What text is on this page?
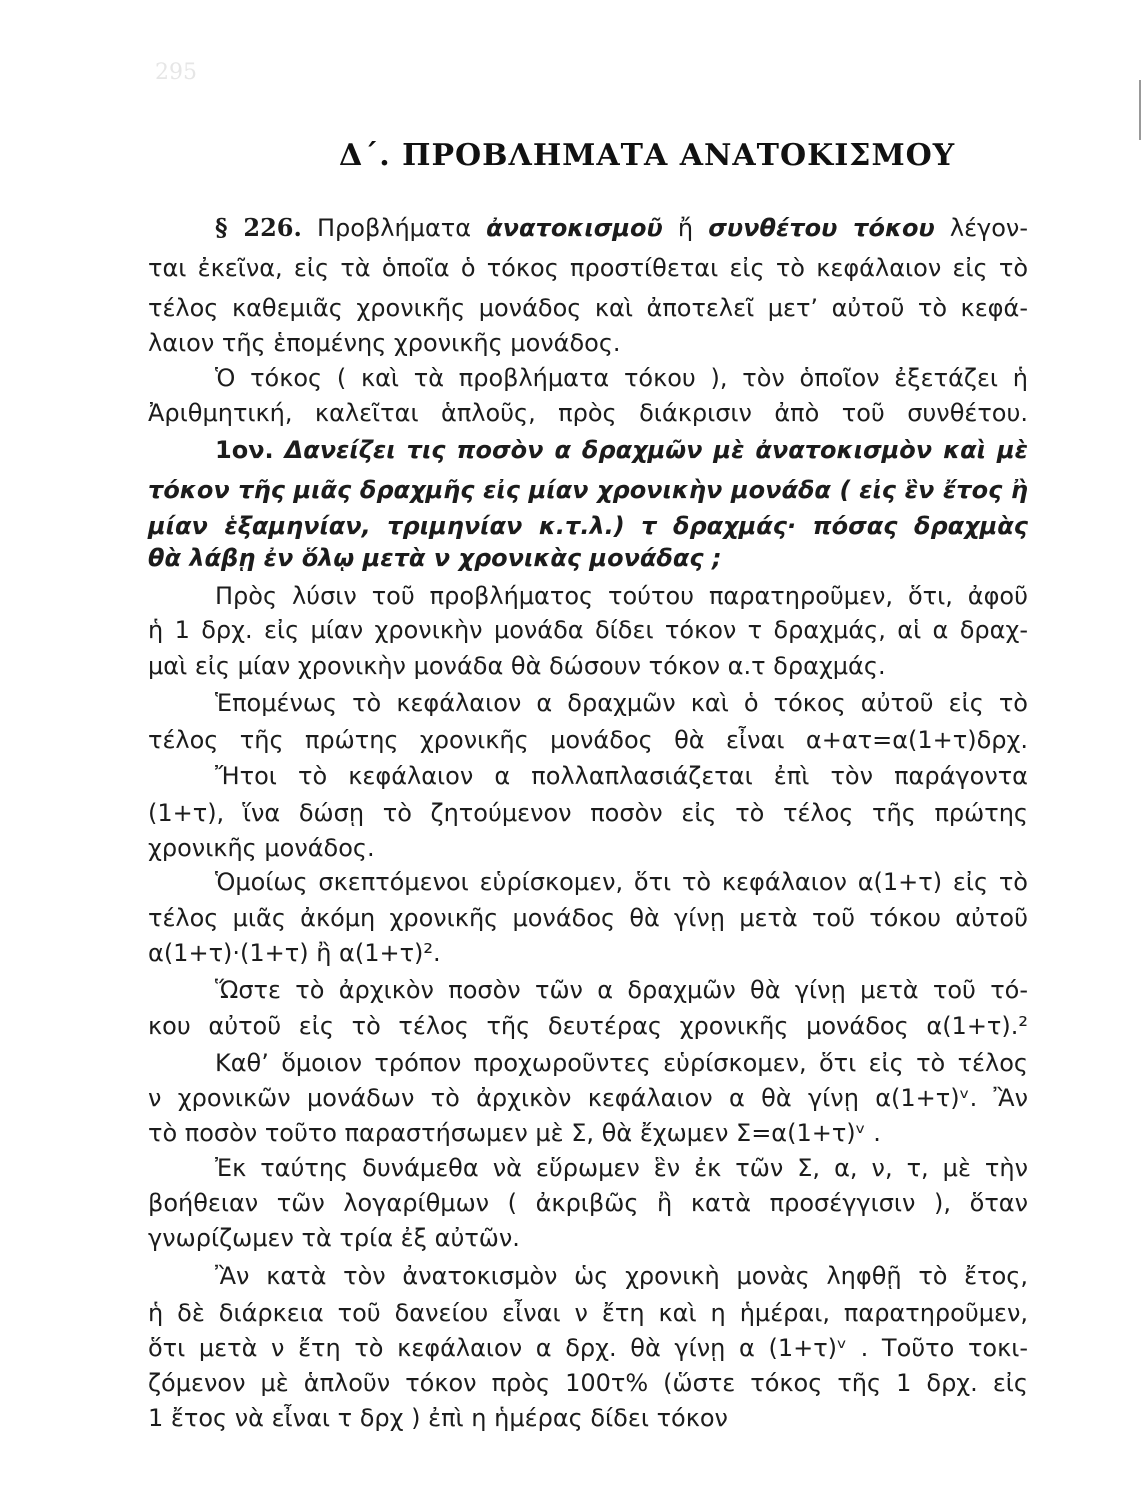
295
Δ΄. ΠΡΟΒΛΗΜΑΤΑ ΑΝΑΤΟΚΙΣΜΟΥ
§ 226. Προβλήματα ἀνατοκισμοῦ ἤ συνθέτου τόκου λέγον-
ται ἐκεῖνα, εἰς τὰ ὁποῖα ὁ τόκος προστίθεται εἰς τὸ κεφάλαιον εἰς τὸ
τέλος καθεμιᾶς χρονικῆς μονάδος καὶ ἀποτελεῖ μετ’ αὐτοῦ τὸ κεφά-
λαιον τῆς ἑπομένης χρονικῆς μονάδος.
Ὁ τόκος ( καὶ τὰ προβλήματα τόκου ), τὸν ὁποῖον ἐξετάζει ἡ
Ἀριθμητική, καλεῖται ἁπλοῦς, πρὸς διάκρισιν ἀπὸ τοῦ συνθέτου.
1ον. Δανείζει τις ποσὸν α δραχμῶν μὲ ἀνατοκισμὸν καὶ μὲ
τόκον τῆς μιᾶς δραχμῆς εἰς μίαν χρονικὴν μονάδα ( εἰς ἓν ἔτος ἢ
μίαν ἑξαμηνίαν, τριμηνίαν κ.τ.λ.) τ δραχμάς· πόσας δραχμὰς
θὰ λάβῃ ἐν ὅλῳ μετὰ ν χρονικὰς μονάδας ;
Πρὸς λύσιν τοῦ προβλήματος τούτου παρατηροῦμεν, ὅτι, ἀφοῦ
ἡ 1 δρχ. εἰς μίαν χρονικὴν μονάδα δίδει τόκον τ δραχμάς, αἱ α δραχ-
μαὶ εἰς μίαν χρονικὴν μονάδα θὰ δώσουν τόκον α.τ δραχμάς.
Ἑπομένως τὸ κεφάλαιον α δραχμῶν καὶ ὁ τόκος αὐτοῦ εἰς τὸ
τέλος τῆς πρώτης χρονικῆς μονάδος θὰ εἶναι α+ατ=α(1+τ)δρχ.
Ἤτοι τὸ κεφάλαιον α πολλαπλασιάζεται ἐπὶ τὸν παράγοντα
(1+τ), ἵνα δώσῃ τὸ ζητούμενον ποσὸν εἰς τὸ τέλος τῆς πρώτης
χρονικῆς μονάδος.
Ὁμοίως σκεπτόμενοι εὑρίσκομεν, ὅτι τὸ κεφάλαιον α(1+τ) εἰς τὸ
τέλος μιᾶς ἀκόμη χρονικῆς μονάδος θὰ γίνῃ μετὰ τοῦ τόκου αὐτοῦ
α(1+τ)·(1+τ) ἢ α(1+τ)².
Ὥστε τὸ ἀρχικὸν ποσὸν τῶν α δραχμῶν θὰ γίνῃ μετὰ τοῦ τό-
κου αὐτοῦ εἰς τὸ τέλος τῆς δευτέρας χρονικῆς μονάδος α(1+τ).²
Καθ’ ὅμοιον τρόπον προχωροῦντες εὑρίσκομεν, ὅτι εἰς τὸ τέλος
ν χρονικῶν μονάδων τὸ ἀρχικὸν κεφάλαιον α θὰ γίνῃ α(1+τ)ᵛ. Ἂν
τὸ ποσὸν τοῦτο παραστήσωμεν μὲ Σ, θὰ ἔχωμεν Σ=α(1+τ)ᵛ .
Ἐκ ταύτης δυνάμεθα νὰ εὕρωμεν ἓν ἐκ τῶν Σ, α, ν, τ, μὲ τὴν
βοήθειαν τῶν λογαρίθμων ( ἀκριβῶς ἢ κατὰ προσέγγισιν ), ὅταν
γνωρίζωμεν τὰ τρία ἐξ αὐτῶν.
Ἂν κατὰ τὸν ἀνατοκισμὸν ὡς χρονικὴ μονὰς ληφθῇ τὸ ἔτος,
ἡ δὲ διάρκεια τοῦ δανείου εἶναι ν ἔτη καὶ η ἡμέραι, παρατηροῦμεν,
ὅτι μετὰ ν ἔτη τὸ κεφάλαιον α δρχ. θὰ γίνῃ α (1+τ)ᵛ . Τοῦτο τοκι-
ζόμενον μὲ ἁπλοῦν τόκον πρὸς 100τ% (ὥστε τόκος τῆς 1 δρχ. εἰς
1 ἔτος νὰ εἶναι τ δρχ ) ἐπὶ η ἡμέρας δίδει τόκον
